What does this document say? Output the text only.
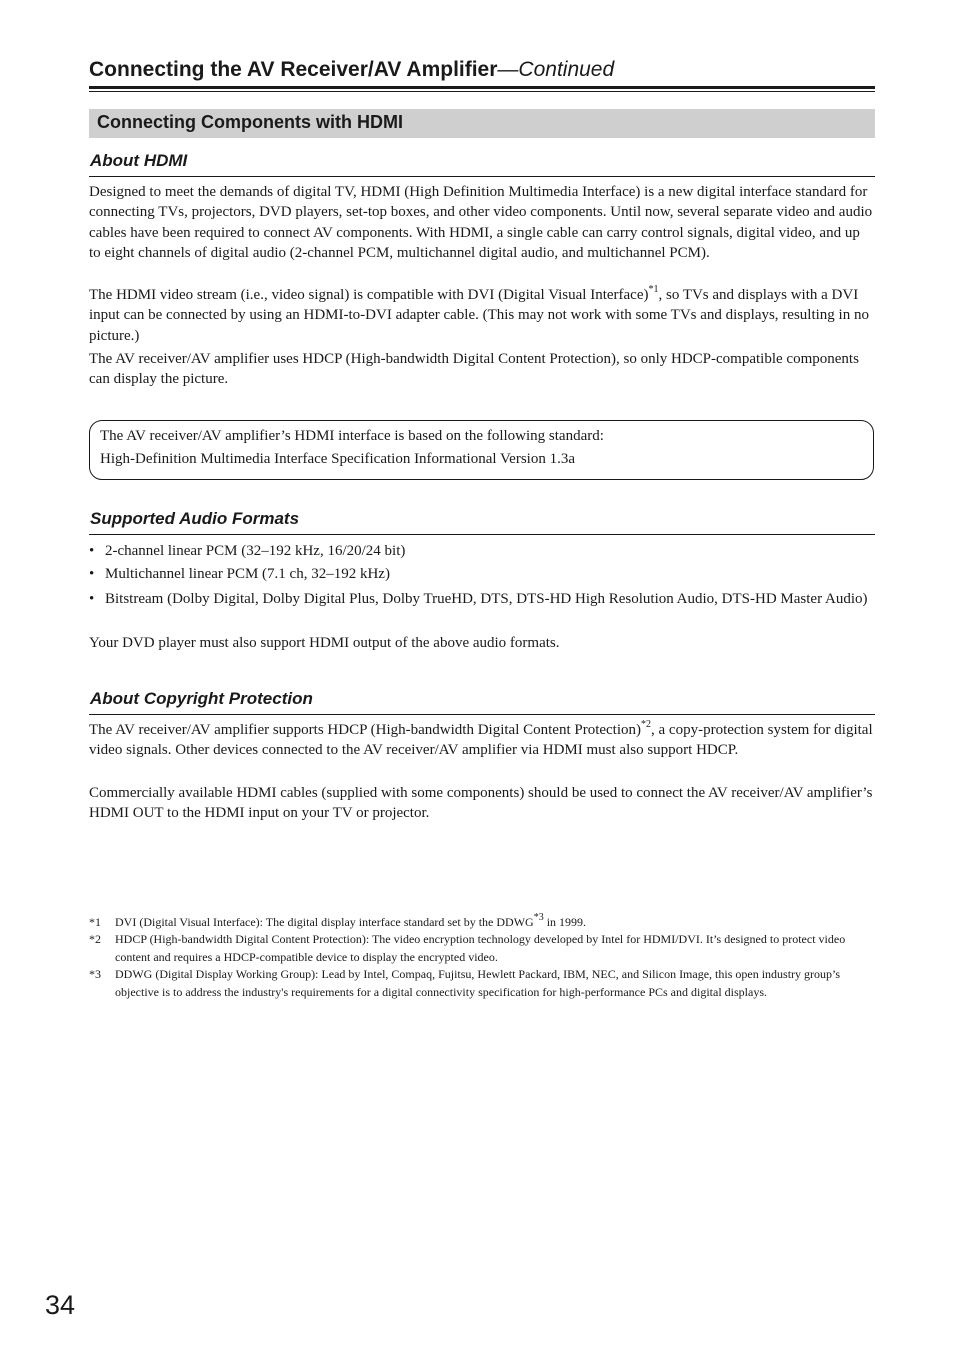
Connecting the AV Receiver/AV Amplifier—Continued
Connecting Components with HDMI
About HDMI

Designed to meet the demands of digital TV, HDMI (High Definition Multimedia Interface) is a new digital interface standard for connecting TVs, projectors, DVD players, set-top boxes, and other video components. Until now, several separate video and audio cables have been required to connect AV components. With HDMI, a single cable can carry control signals, digital video, and up to eight channels of digital audio (2-channel PCM, multichannel digital audio, and multichannel PCM).

The HDMI video stream (i.e., video signal) is compatible with DVI (Digital Visual Interface)$^{*1}$, so TVs and displays with a DVI input can be connected by using an HDMI-to-DVI adapter cable. (This may not work with some TVs and displays, resulting in no picture.)

The AV receiver/AV amplifier uses HDCP (High-bandwidth Digital Content Protection), so only HDCP-compatible components can display the picture.

The AV receiver/AV amplifier’s HDMI interface is based on the following standard:
High-Definition Multimedia Interface Specification Informational Version 1.3a
Supported Audio Formats
• 2-channel linear PCM (32–192 kHz, 16/20/24 bit)
• Multichannel linear PCM (7.1 ch, 32–192 kHz)
• Bitstream (Dolby Digital, Dolby Digital Plus, Dolby TrueHD, DTS, DTS-HD High Resolution Audio, DTS-HD Master Audio)

Your DVD player must also support HDMI output of the above audio formats.

About Copyright Protection

The AV receiver/AV amplifier supports HDCP (High-bandwidth Digital Content Protection)$^{*2}$, a copy-protection system for digital video signals. Other devices connected to the AV receiver/AV amplifier via HDMI must also support HDCP.

Commercially available HDMI cables (supplied with some components) should be used to connect the AV receiver/AV amplifier’s HDMI OUT to the HDMI input on your TV or projector.

*1 DVI (Digital Visual Interface): The digital display interface standard set by the DDWG$^{*3}$ in 1999.
*2 HDCP (High-bandwidth Digital Content Protection): The video encryption technology developed by Intel for HDMI/DVI. It’s designed to protect video content and requires a HDCP-compatible device to display the encrypted video.
*3 DDWG (Digital Display Working Group): Lead by Intel, Compaq, Fujitsu, Hewlett Packard, IBM, NEC, and Silicon Image, this open industry group’s objective is to address the industry's requirements for a digital connectivity specification for high-performance PCs and digital displays.
34
